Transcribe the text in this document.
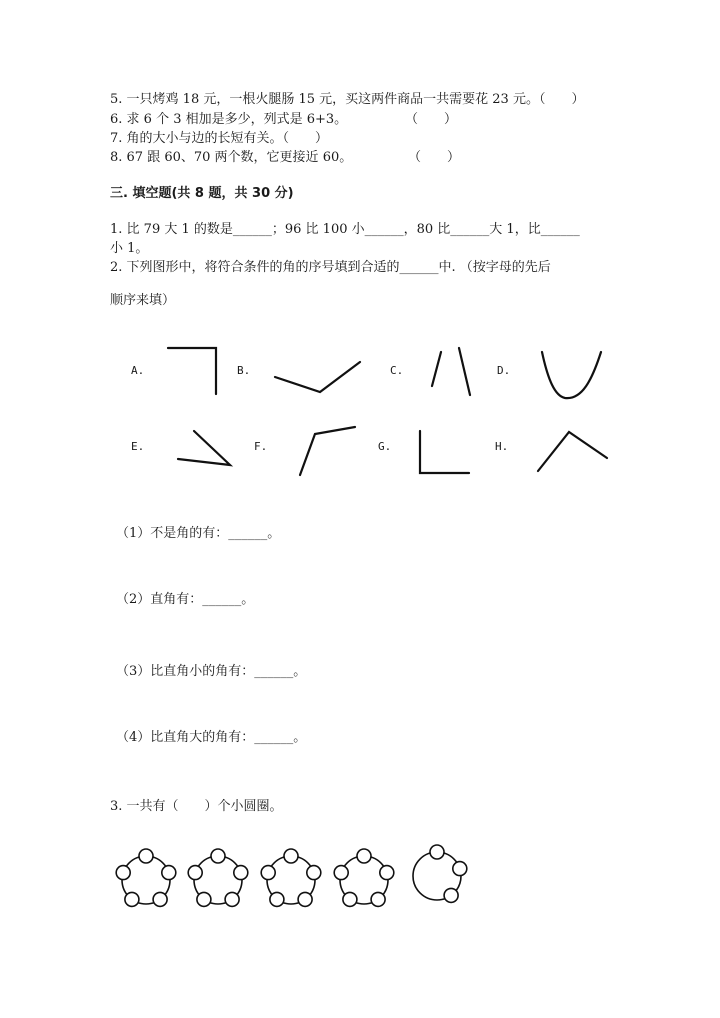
5. 一只烤鸡 18 元，一根火腿肠 15 元，买这两件商品一共需要花 23 元。（　　）
6. 求 6 个 3 相加是多少，列式是 6+3。	（　　）
7. 角的大小与边的长短有关。（　　）
8. 67 跟 60、70 两个数，它更接近 60。	（　　）
三. 填空题(共 8 题，共 30 分)
1. 比 79 大 1 的数是______；96 比 100 小______，80 比______大 1，比______
小 1。
2. 下列图形中，将符合条件的角的序号填到合适的______中. （按字母的先后
顺序来填）
A.	B.	C.	D.
E.	F.	G.	H.
（1）不是角的有：______。
（2）直角有：______。
（3）比直角小的角有：______。
（4）比直角大的角有：______。
3. 一共有（　　）个小圆圈。
